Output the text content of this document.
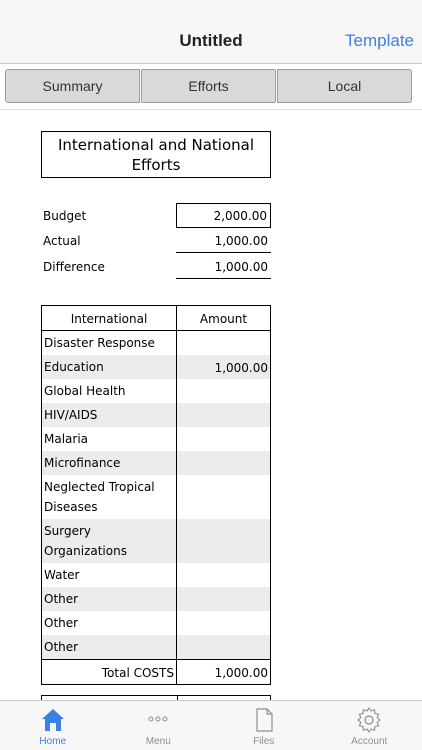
Untitled	Template
Summary	Efforts	Local
International and National Efforts
Budget	2,000.00
Actual	1,000.00
Difference	1,000.00
International	Amount
Disaster Response
Education	1,000.00
Global Health
HIV/AIDS
Malaria
Microfinance
Neglected Tropical Diseases
Surgery Organizations
Water
Other
Other
Other
Total COSTS	1,000.00
Home	Menu	Files	Account
